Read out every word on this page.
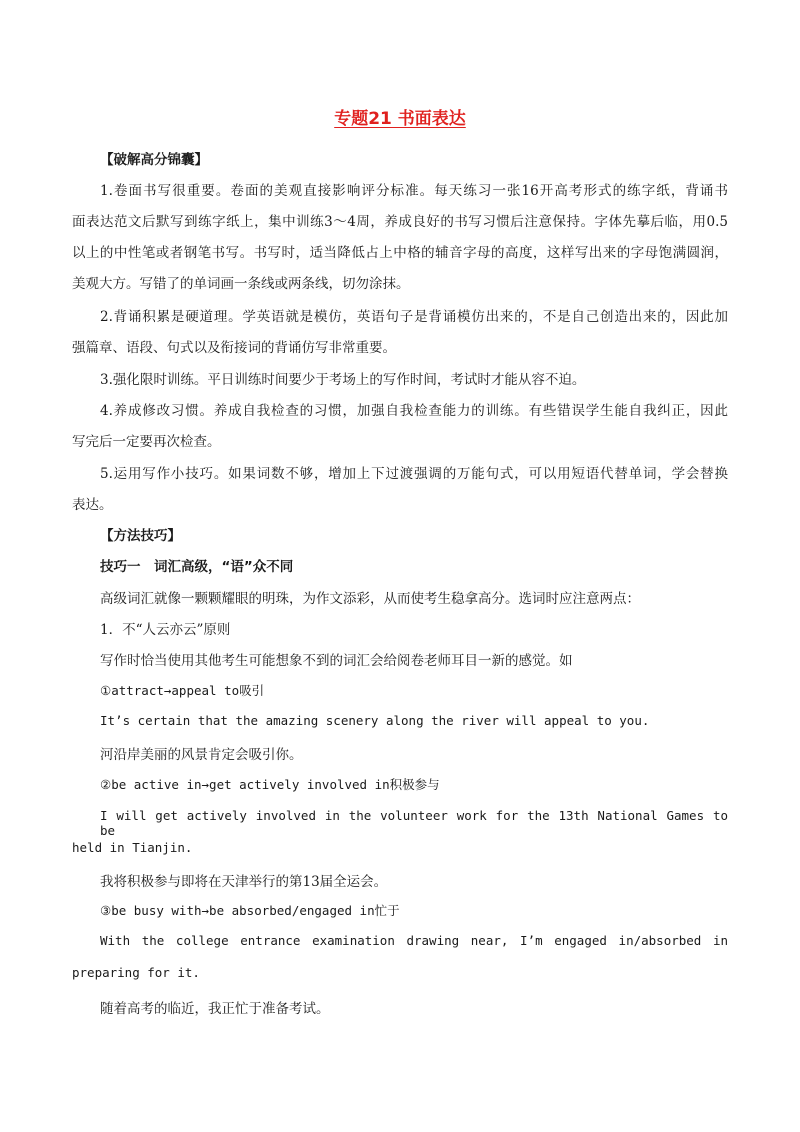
专题21 书面表达
【破解高分锦囊】
1.卷面书写很重要。卷面的美观直接影响评分标准。每天练习一张16开高考形式的练字纸，背诵书
面表达范文后默写到练字纸上，集中训练3～4周，养成良好的书写习惯后注意保持。字体先摹后临，用0.5
以上的中性笔或者钢笔书写。书写时，适当降低占上中格的辅音字母的高度，这样写出来的字母饱满圆润，
美观大方。写错了的单词画一条线或两条线，切勿涂抹。
2.背诵积累是硬道理。学英语就是模仿，英语句子是背诵模仿出来的，不是自己创造出来的，因此加
强篇章、语段、句式以及衔接词的背诵仿写非常重要。
3.强化限时训练。平日训练时间要少于考场上的写作时间，考试时才能从容不迫。
4.养成修改习惯。养成自我检查的习惯，加强自我检查能力的训练。有些错误学生能自我纠正，因此
写完后一定要再次检查。
5.运用写作小技巧。如果词数不够，增加上下过渡强调的万能句式，可以用短语代替单词，学会替换
表达。
【方法技巧】
技巧一　词汇高级，“语”众不同
高级词汇就像一颗颗耀眼的明珠，为作文添彩，从而使考生稳拿高分。选词时应注意两点：
1．不“人云亦云”原则
写作时恰当使用其他考生可能想象不到的词汇会给阅卷老师耳目一新的感觉。如
①attract→appeal to吸引
It’s certain that the amazing scenery along the river will appeal to you.
河沿岸美丽的风景肯定会吸引你。
②be active in→get actively involved in积极参与
I will get actively involved in the volunteer work for the 13th National Games to be
held in Tianjin.
我将积极参与即将在天津举行的第13届全运会。
③be busy with→be absorbed/engaged in忙于
With the college entrance examination drawing near, I’m engaged in/absorbed in
preparing for it.
随着高考的临近，我正忙于准备考试。
